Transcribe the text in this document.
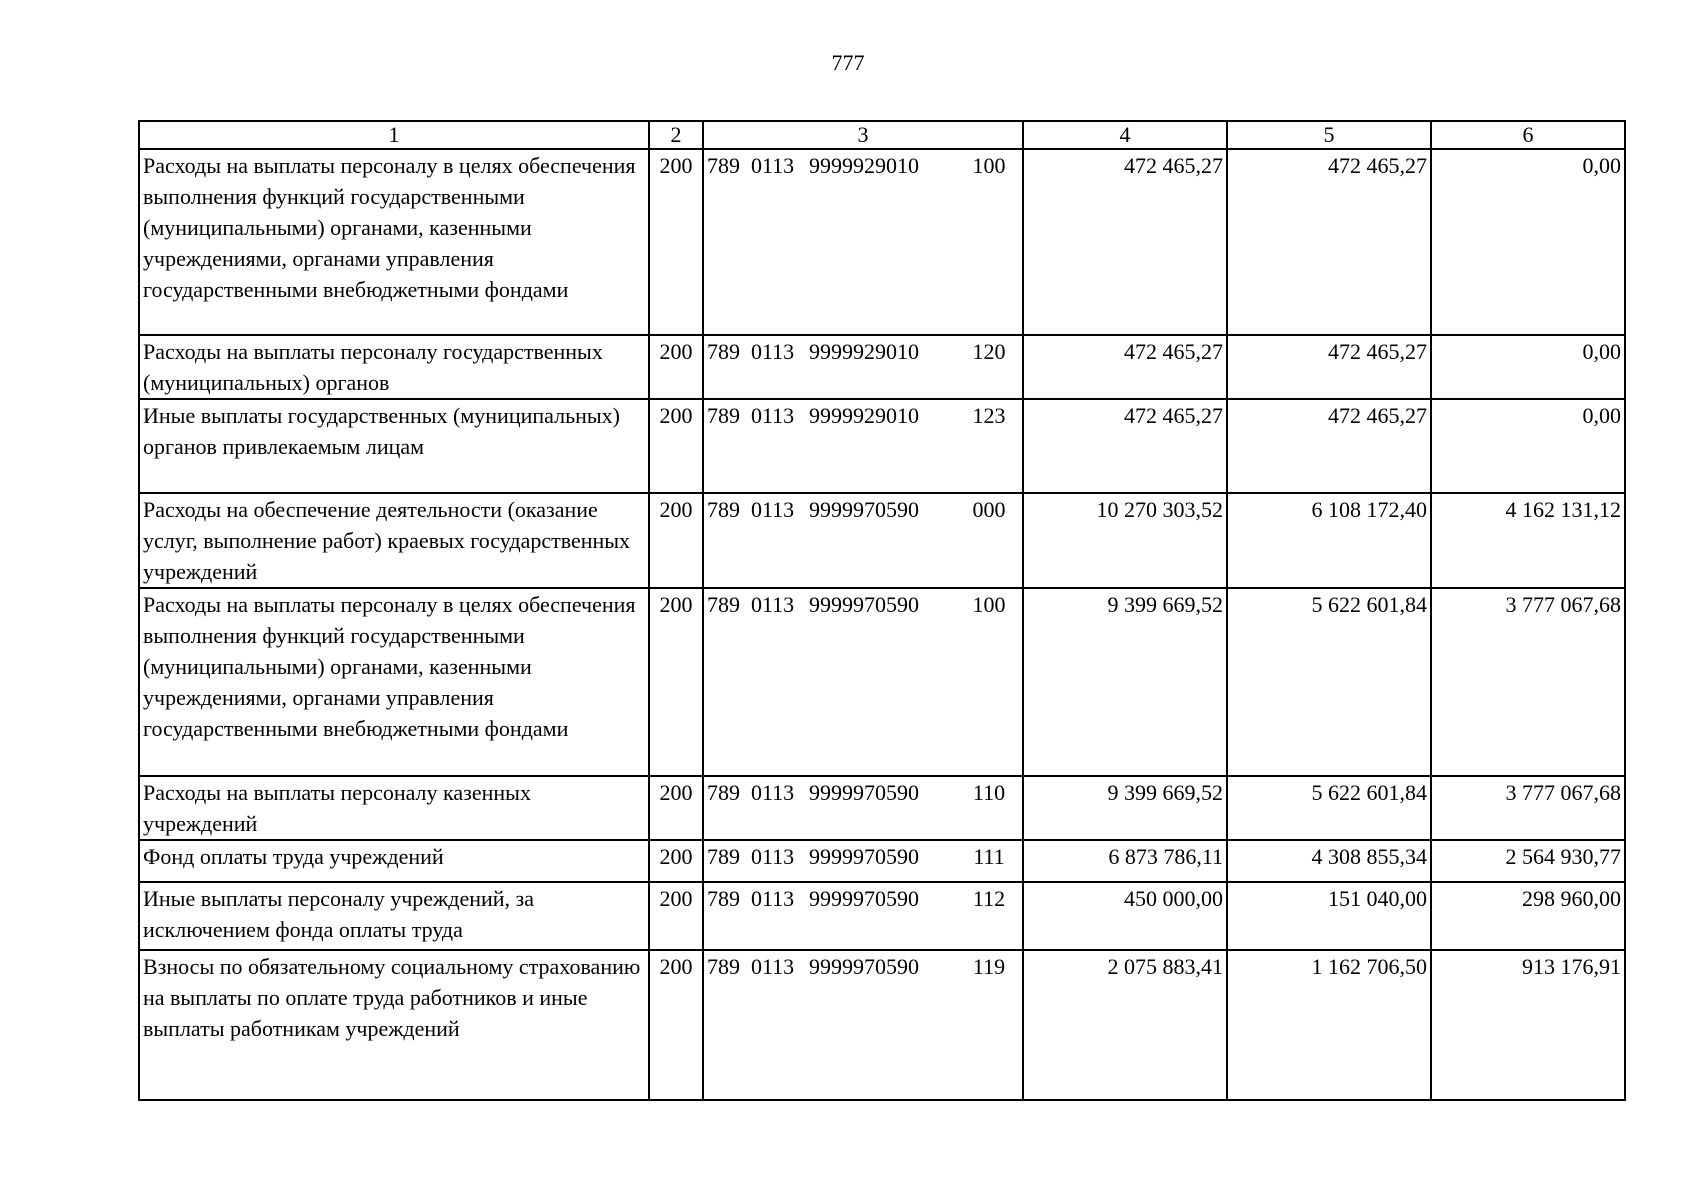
777
1	2	3	4	5	6
Расходы на выплаты персоналу в целях обеспечения выполнения функций государственными (муниципальными) органами, казенными учреждениями, органами управления государственными внебюджетными фондами	200	789 0113 9999929010 100	472 465,27	472 465,27	0,00
Расходы на выплаты персоналу государственных (муниципальных) органов	200	789 0113 9999929010 120	472 465,27	472 465,27	0,00
Иные выплаты государственных (муниципальных) органов привлекаемым лицам	200	789 0113 9999929010 123	472 465,27	472 465,27	0,00
Расходы на обеспечение деятельности (оказание услуг, выполнение работ) краевых государственных учреждений	200	789 0113 9999970590 000	10 270 303,52	6 108 172,40	4 162 131,12
Расходы на выплаты персоналу в целях обеспечения выполнения функций государственными (муниципальными) органами, казенными учреждениями, органами управления государственными внебюджетными фондами	200	789 0113 9999970590 100	9 399 669,52	5 622 601,84	3 777 067,68
Расходы на выплаты персоналу казенных учреждений	200	789 0113 9999970590 110	9 399 669,52	5 622 601,84	3 777 067,68
Фонд оплаты труда учреждений	200	789 0113 9999970590 111	6 873 786,11	4 308 855,34	2 564 930,77
Иные выплаты персоналу учреждений, за исключением фонда оплаты труда	200	789 0113 9999970590 112	450 000,00	151 040,00	298 960,00
Взносы по обязательному социальному страхованию на выплаты по оплате труда работников и иные выплаты работникам учреждений	200	789 0113 9999970590 119	2 075 883,41	1 162 706,50	913 176,91
